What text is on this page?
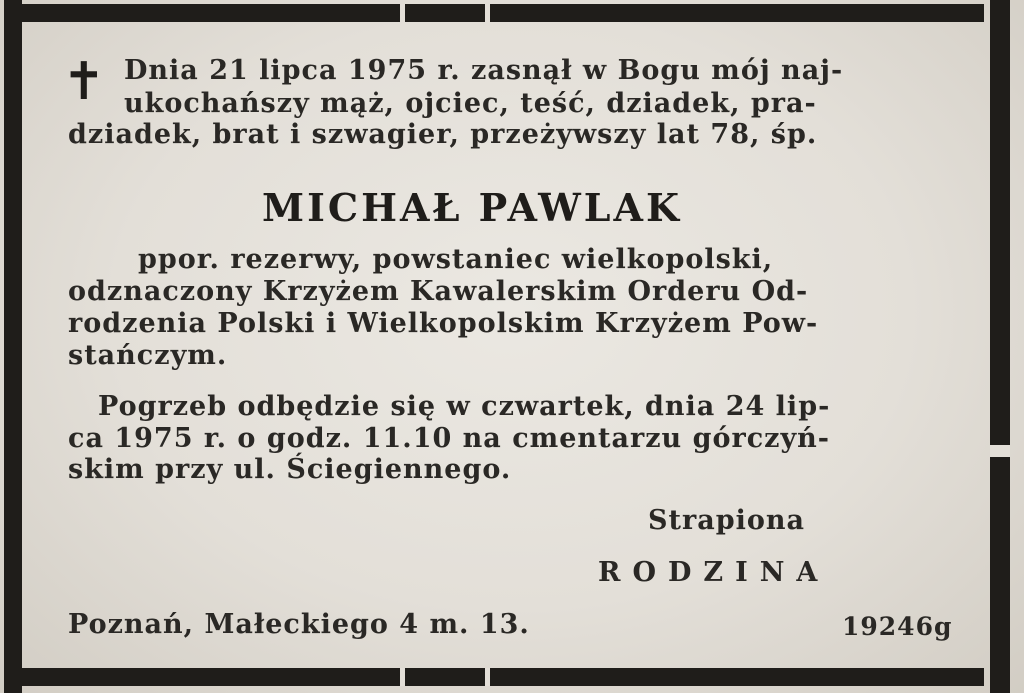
✝

Dnia 21 lipca 1975 r. zasnął w Bogu mój naj-

ukochańszy mąż, ojciec, teść, dziadek, pra-

dziadek, brat i szwagier, przeżywszy lat 78, śp.

MICHAŁ PAWLAK

ppor. rezerwy, powstaniec wielkopolski,

odznaczony Krzyżem Kawalerskim Orderu Od-

rodzenia Polski i Wielkopolskim Krzyżem Pow-

stańczym.

Pogrzeb odbędzie się w czwartek, dnia 24 lip-

ca 1975 r. o godz. 11.10 na cmentarzu górczyń-

skim przy ul. Ściegiennego.

Strapiona

RODZINA

Poznań, Małeckiego 4 m. 13.

	19246g
